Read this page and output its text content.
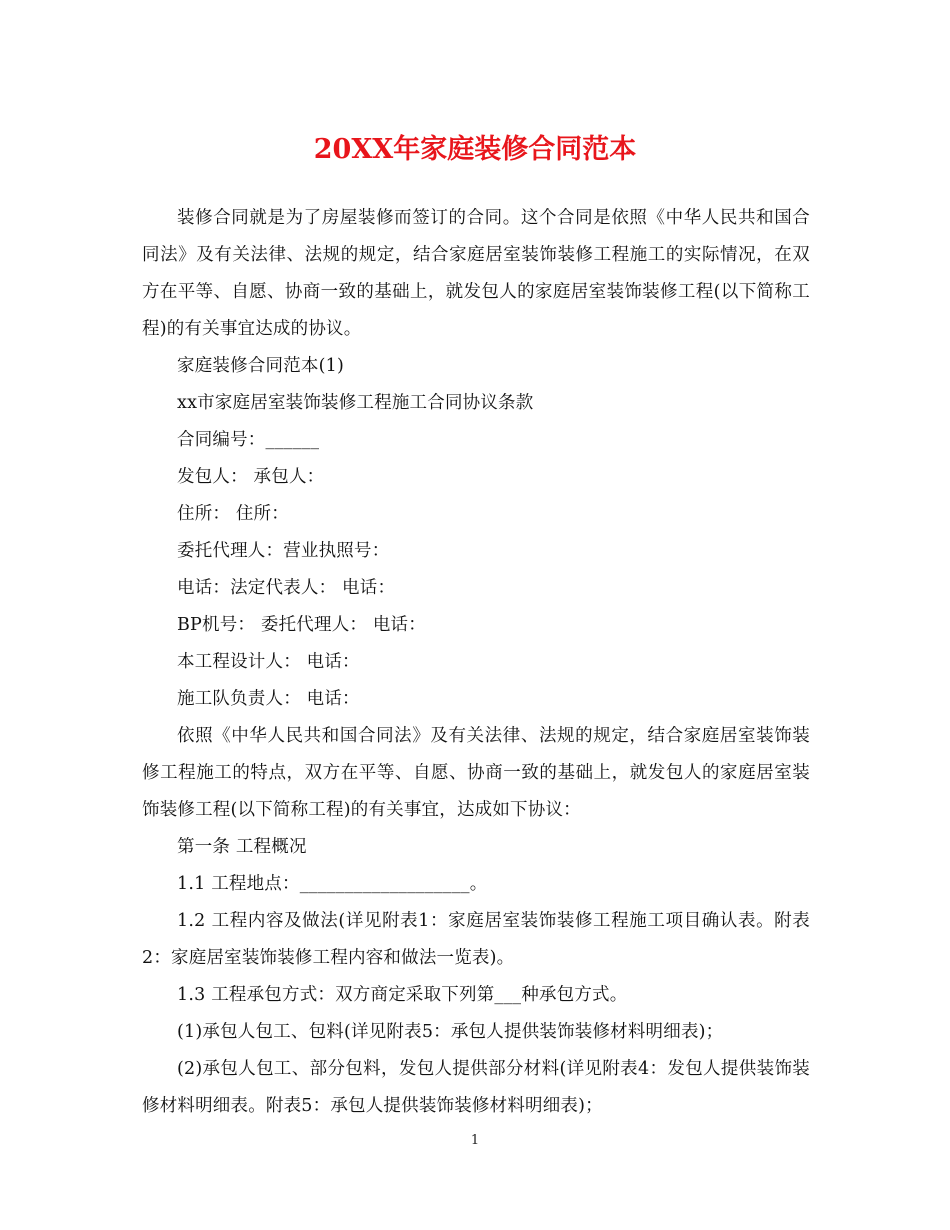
20XX年家庭装修合同范本

装修合同就是为了房屋装修而签订的合同。这个合同是依照《中华人民共和国合同法》及有关法律、法规的规定，结合家庭居室装饰装修工程施工的实际情况，在双方在平等、自愿、协商一致的基础上，就发包人的家庭居室装饰装修工程(以下简称工程)的有关事宜达成的协议。

家庭装修合同范本(1)

xx市家庭居室装饰装修工程施工合同协议条款

合同编号：______

发包人： 承包人：

住所： 住所：

委托代理人：营业执照号：

电话：法定代表人： 电话：

BP机号： 委托代理人： 电话：

本工程设计人： 电话：

施工队负责人： 电话：

依照《中华人民共和国合同法》及有关法律、法规的规定，结合家庭居室装饰装修工程施工的特点，双方在平等、自愿、协商一致的基础上，就发包人的家庭居室装饰装修工程(以下简称工程)的有关事宜，达成如下协议：

第一条 工程概况

1.1 工程地点：___________________。

1.2 工程内容及做法(详见附表1：家庭居室装饰装修工程施工项目确认表。附表2：家庭居室装饰装修工程内容和做法一览表)。

1.3 工程承包方式：双方商定采取下列第___种承包方式。

(1)承包人包工、包料(详见附表5：承包人提供装饰装修材料明细表)；

(2)承包人包工、部分包料，发包人提供部分材料(详见附表4：发包人提供装饰装修材料明细表。附表5：承包人提供装饰装修材料明细表)；

1
